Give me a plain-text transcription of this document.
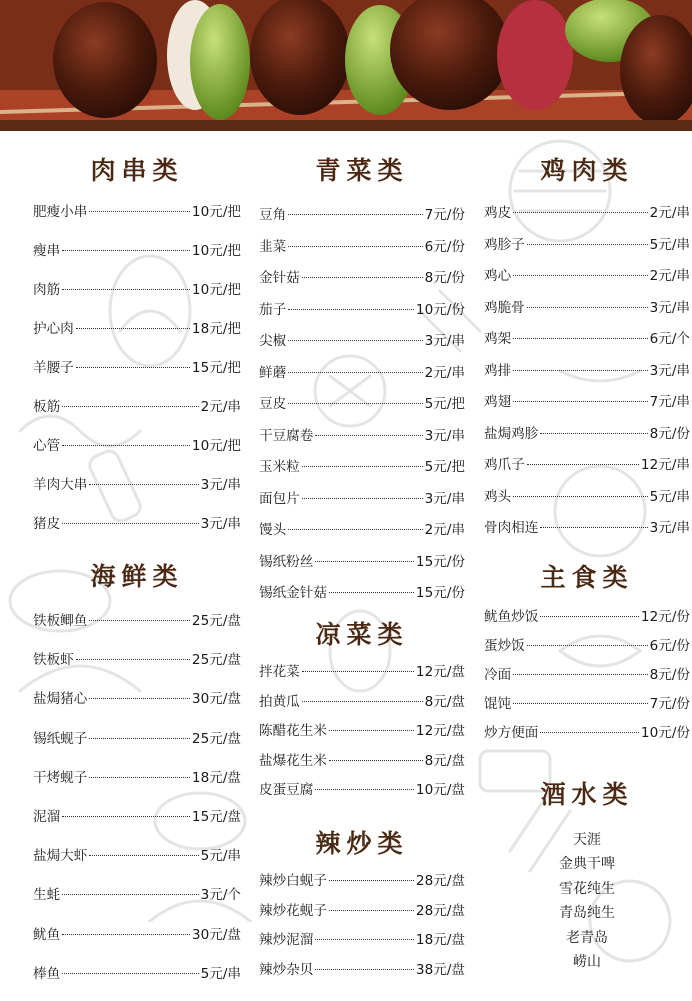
肉串类
肥瘦小串	10元/把
瘦串	10元/把
肉筋	10元/把
护心肉	18元/把
羊腰子	15元/把
板筋	2元/串
心管	10元/把
羊肉大串	3元/串
猪皮	3元/串
海鲜类
铁板鲫鱼	25元/盘
铁板虾	25元/盘
盐焗猪心	30元/盘
锡纸蚬子	25元/盘
干烤蚬子	18元/盘
泥溜	15元/盘
盐焗大虾	5元/串
生蚝	3元/个
鱿鱼	30元/盘
棒鱼	5元/串
青菜类
豆角	7元/份
韭菜	6元/份
金针菇	8元/份
茄子	10元/份
尖椒	3元/串
鲜蘑	2元/串
豆皮	5元/把
干豆腐卷	3元/串
玉米粒	5元/把
面包片	3元/串
馒头	2元/串
锡纸粉丝	15元/份
锡纸金针菇	15元/份
凉菜类
拌花菜	12元/盘
拍黄瓜	8元/盘
陈醋花生米	12元/盘
盐爆花生米	8元/盘
皮蛋豆腐	10元/盘
辣炒类
辣炒白蚬子	28元/盘
辣炒花蚬子	28元/盘
辣炒泥溜	18元/盘
辣炒杂贝	38元/盘
鸡肉类
鸡皮	2元/串
鸡胗子	5元/串
鸡心	2元/串
鸡脆骨	3元/串
鸡架	6元/个
鸡排	3元/串
鸡翅	7元/串
盐焗鸡胗	8元/份
鸡爪子	12元/串
鸡头	5元/串
骨肉相连	3元/串
主食类
鱿鱼炒饭	12元/份
蛋炒饭	6元/份
冷面	8元/份
馄饨	7元/份
炒方便面	10元/份
酒水类
天涯
金典干啤
雪花纯生
青岛纯生
老青岛
崂山
